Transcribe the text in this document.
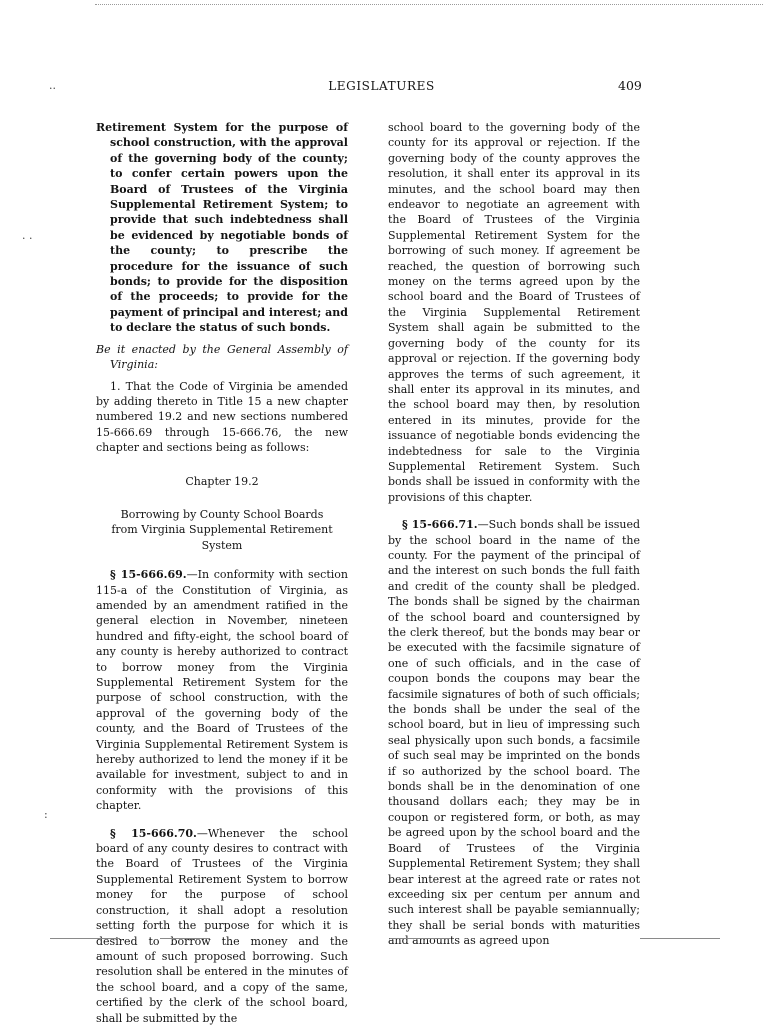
··
· ·
:
LEGISLATURES	409

Retirement System for the purpose of school construction, with the approval of the governing body of the county; to confer certain powers upon the Board of Trustees of the Virginia Supplemental Retirement System; to provide that such indebtedness shall be evidenced by negotiable bonds of the county; to prescribe the procedure for the issuance of such bonds; to provide for the disposition of the proceeds; to provide for the payment of principal and interest; and to declare the status of such bonds.

Be it enacted by the General Assembly of Virginia:

1. That the Code of Virginia be amended by adding thereto in Title 15 a new chapter numbered 19.2 and new sections numbered 15-666.69 through 15-666.76, the new chapter and sections being as follows:

Chapter 19.2

Borrowing by County School Boards
from Virginia Supplemental Retirement System

§ 15-666.69.—In conformity with section 115-a of the Constitution of Virginia, as amended by an amendment ratified in the general election in November, nineteen hundred and fifty-eight, the school board of any county is hereby authorized to contract to borrow money from the Virginia Supplemental Retirement System for the purpose of school construction, with the approval of the governing body of the county, and the Board of Trustees of the Virginia Supplemental Retirement System is hereby authorized to lend the money if it be available for investment, subject to and in conformity with the provisions of this chapter.

§ 15-666.70.—Whenever the school board of any county desires to contract with the Board of Trustees of the Virginia Supplemental Retirement System to borrow money for the purpose of school construction, it shall adopt a resolution setting forth the purpose for which it is desired to borrow the money and the amount of such proposed borrowing. Such resolution shall be entered in the minutes of the school board, and a copy of the same, certified by the clerk of the school board, shall be submitted by the

school board to the governing body of the county for its approval or rejection. If the governing body of the county approves the resolution, it shall enter its approval in its minutes, and the school board may then endeavor to negotiate an agreement with the Board of Trustees of the Virginia Supplemental Retirement System for the borrowing of such money. If agreement be reached, the question of borrowing such money on the terms agreed upon by the school board and the Board of Trustees of the Virginia Supplemental Retirement System shall again be submitted to the governing body of the county for its approval or rejection. If the governing body approves the terms of such agreement, it shall enter its approval in its minutes, and the school board may then, by resolution entered in its minutes, provide for the issuance of negotiable bonds evidencing the indebtedness for sale to the Virginia Supplemental Retirement System. Such bonds shall be issued in conformity with the provisions of this chapter.

§ 15-666.71.—Such bonds shall be issued by the school board in the name of the county. For the payment of the principal of and the interest on such bonds the full faith and credit of the county shall be pledged. The bonds shall be signed by the chairman of the school board and countersigned by the clerk thereof, but the bonds may bear or be executed with the facsimile signature of one of such officials, and in the case of coupon bonds the coupons may bear the facsimile signatures of both of such officials; the bonds shall be under the seal of the school board, but in lieu of impressing such seal physically upon such bonds, a facsimile of such seal may be imprinted on the bonds if so authorized by the school board. The bonds shall be in the denomination of one thousand dollars each; they may be in coupon or registered form, or both, as may be agreed upon by the school board and the Board of Trustees of the Virginia Supplemental Retirement System; they shall bear interest at the agreed rate or rates not exceeding six per centum per annum and such interest shall be payable semiannually; they shall be serial bonds with maturities and amounts as agreed upon
